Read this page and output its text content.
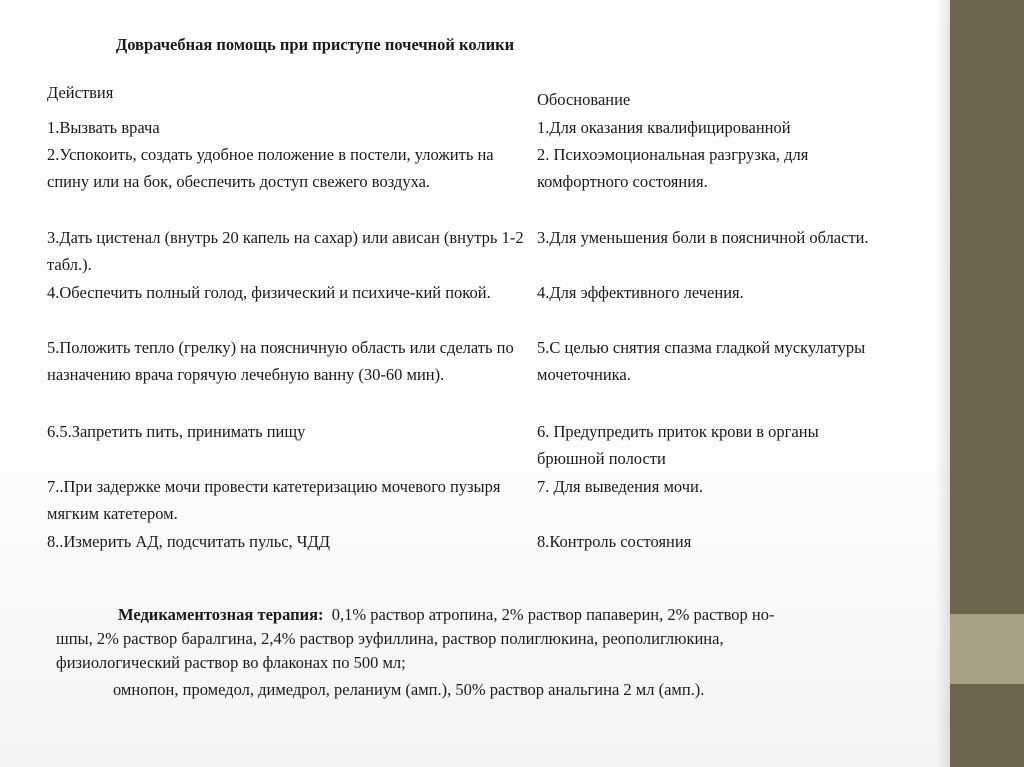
Доврачебная помощь при приступе почечной колики
Действия	Обоснование
1.Вызвать врача
2.Успокоить, создать удобное положение в постели, уложить на спину или на бок, обеспечить доступ свежего воздуха.
3.Дать цистенал (внутрь 20 капель на сахар) или ависан (внутрь 1-2 табл.).
4.Обеспечить полный голод, физический и психиче-кий покой.
5.Положить тепло (грелку) на поясничную область или сделать по назначению врача горячую лечебную ванну (30-60 мин).
6.5.Запретить пить, принимать пищу
7..При задержке мочи провести катетеризацию мочевого пузыря мягким катетером.
8..Измерить АД, подсчитать пульс, ЧДД
1.Для оказания квалифицированной
2. Психоэмоциональная разгрузка, для комфортного состояния.
3.Для уменьшения боли в поясничной области.
4.Для эффективного лечения.
5.С целью снятия спазма гладкой мускулатуры мочеточника.
6. Предупредить приток крови в органы брюшной полости
7. Для выведения мочи.
8.Контроль состояния
Медикаментозная терапия: 0,1% раствор атропина, 2% раствор папаверин, 2% раствор но-
шпы, 2% раствор баралгина, 2,4% раствор эуфиллина, раствор полиглюкина, реополиглюкина,
физиологический раствор во флаконах по 500 мл;
омнопон, промедол, димедрол, реланиум (амп.), 50% раствор анальгина 2 мл (амп.).
